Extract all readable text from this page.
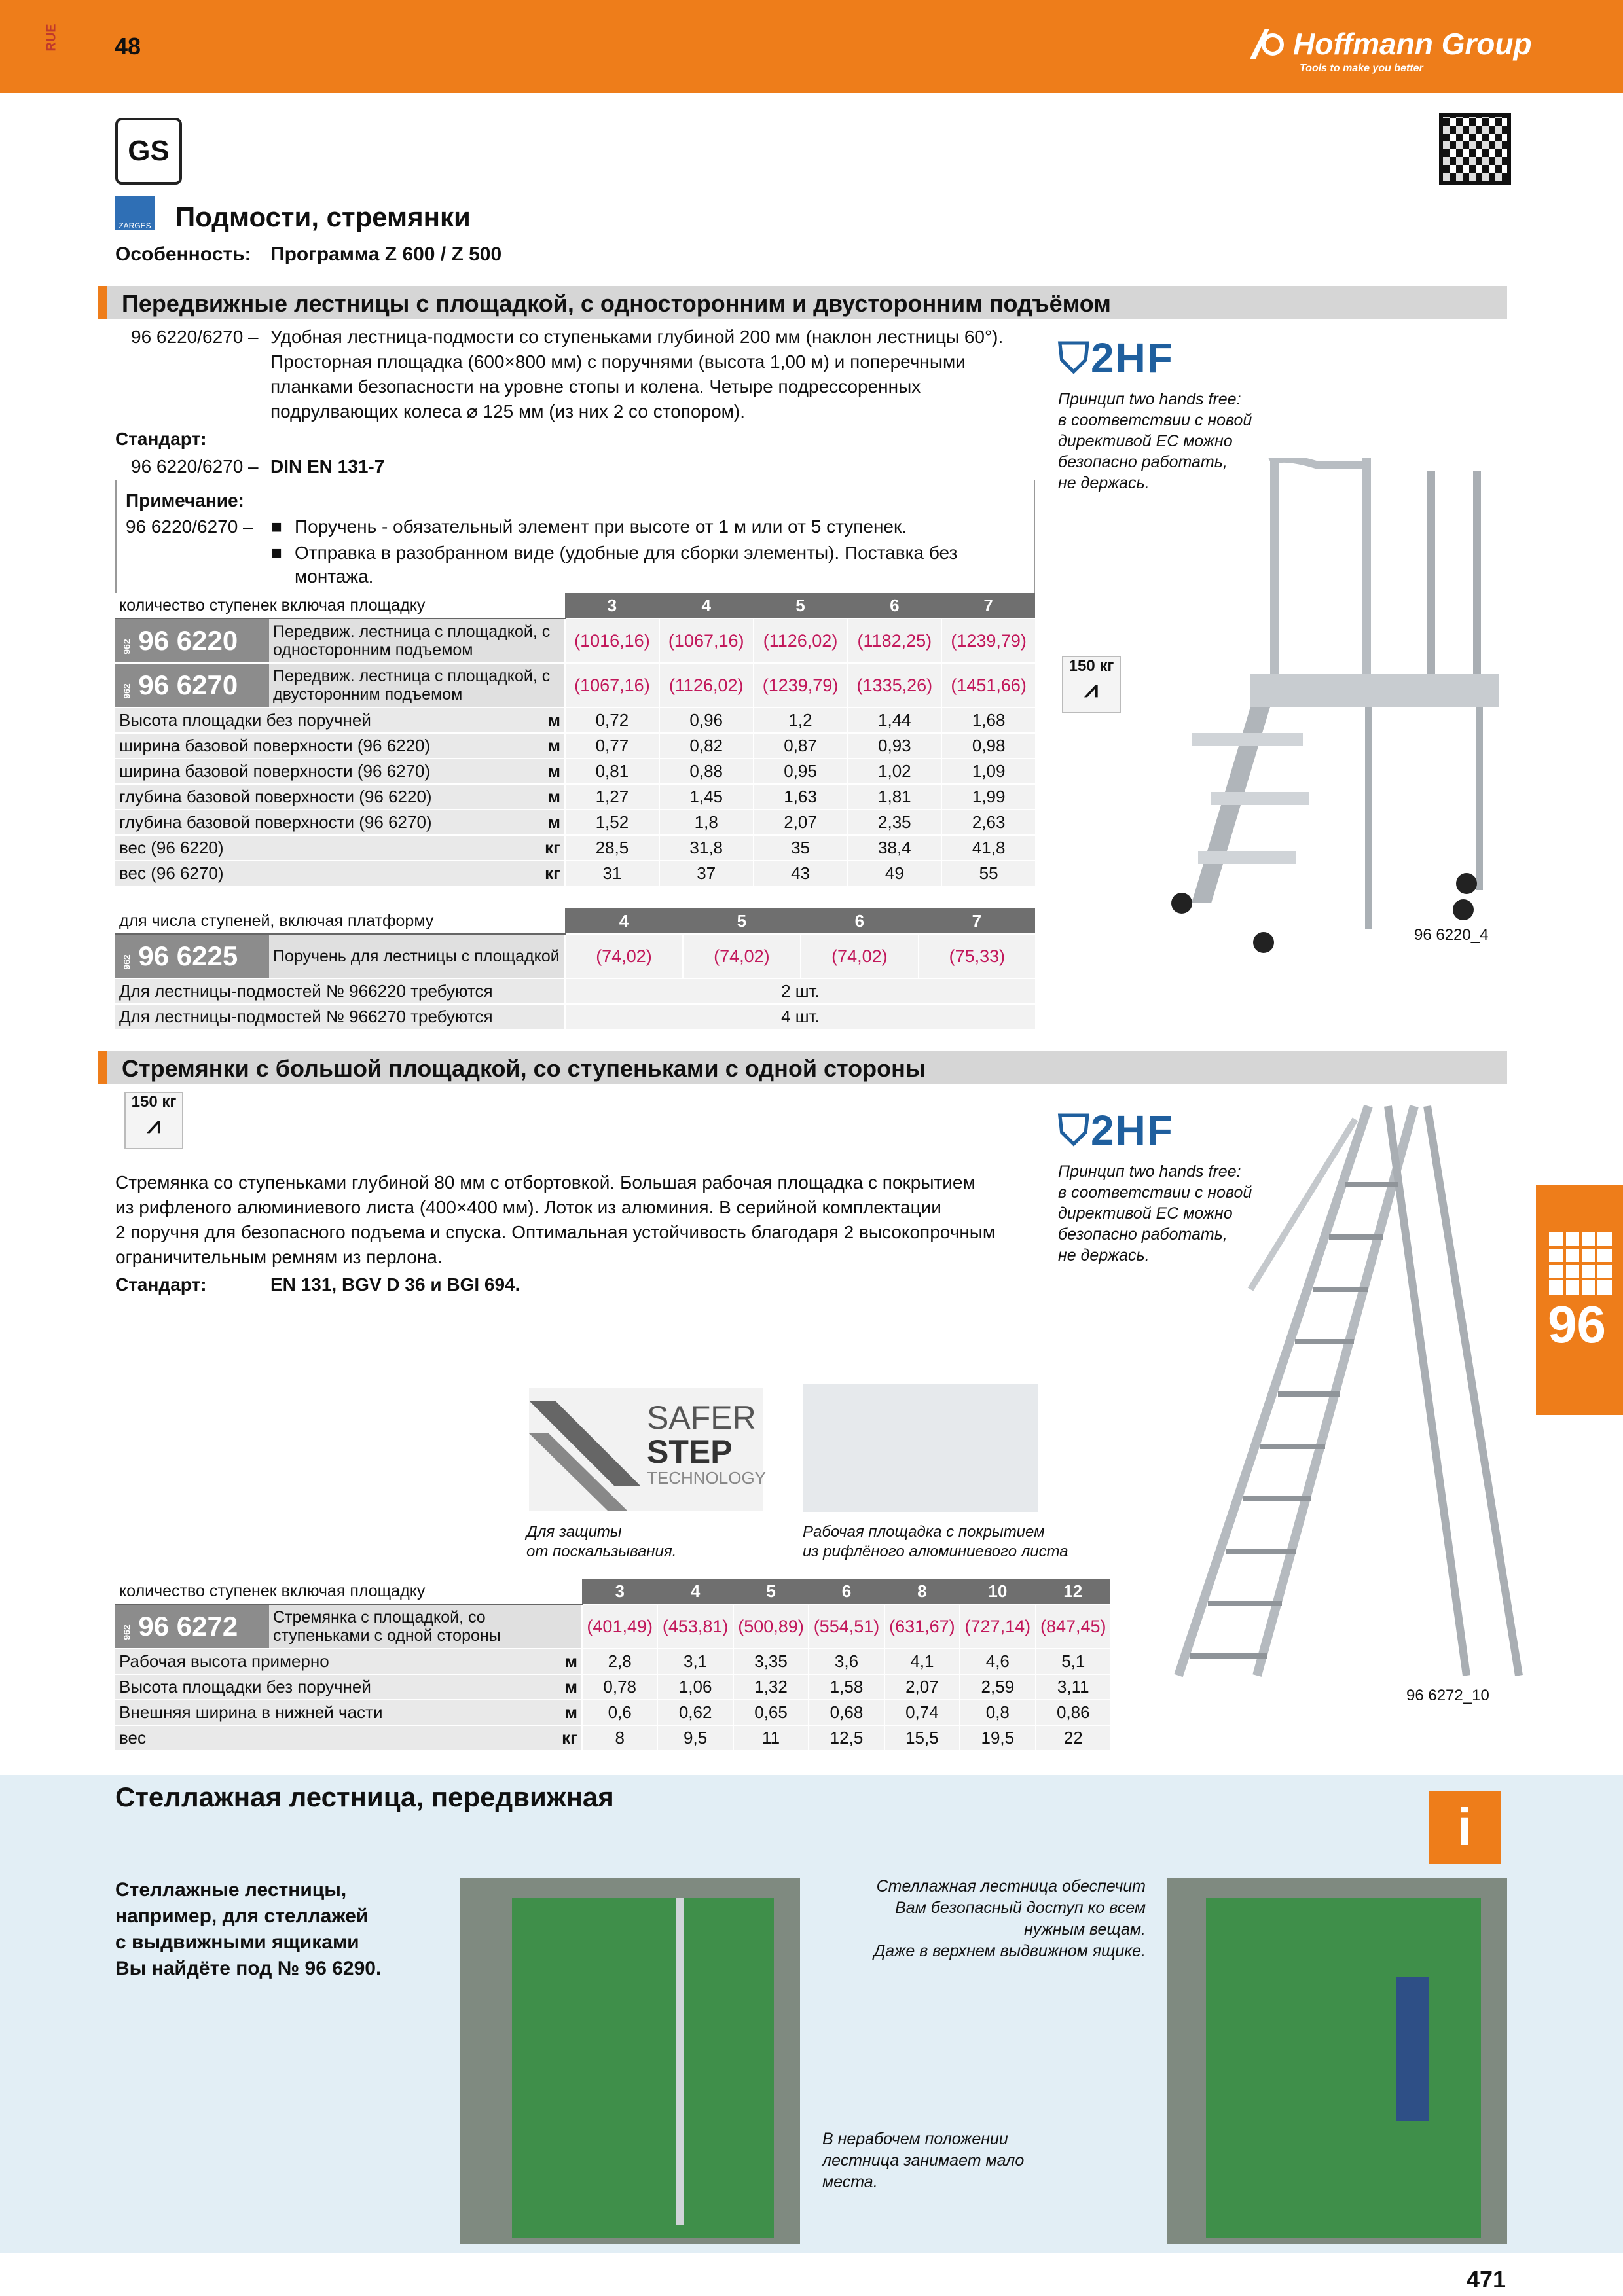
RUE 48	Hoffmann Group
Tools to make you better
GS
ZARGES Подмости, стремянки
Особенность: Программа Z 600 / Z 500
Передвижные лестницы с площадкой, с односторонним и двусторонним подъёмом
96 6220/6270 – Удобная лестница-подмости со ступеньками глубиной 200 мм (наклон лестницы 60°).
Просторная площадка (600×800 мм) с поручнями (высота 1,00 м) и поперечными
планками безопасности на уровне стопы и колена. Четыре подрессоренных
подрулвающих колеса ⌀ 125 мм (из них 2 со стопором).
Стандарт:
96 6220/6270 – DIN EN 131-7
Примечание:
96 6220/6270 – ■ Поручень - обязательный элемент при высоте от 1 м или от 5 ступенек.
■ Отправка в разобранном виде (удобные для сборки элементы). Поставка без
монтажа.
⛉2HF
Принцип two hands free:
в соответствии с новой
директивой ЕС можно
безопасно работать,
не держась.
150 кг
⩘
96 6220_4
количество ступенек включая площадку			3	4	5	6	7
962 96 6220	Передвиж. лестница с площадкой, с односторонним подъемом		(1016,16)	(1067,16)	(1126,02)	(1182,25)	(1239,79)
962 96 6270	Передвиж. лестница с площадкой, с двусторонним подъемом		(1067,16)	(1126,02)	(1239,79)	(1335,26)	(1451,66)
Высота площадки без поручней		м	0,72	0,96	1,2	1,44	1,68
ширина базовой поверхности (96 6220)		м	0,77	0,82	0,87	0,93	0,98
ширина базовой поверхности (96 6270)		м	0,81	0,88	0,95	1,02	1,09
глубина базовой поверхности (96 6220)		м	1,27	1,45	1,63	1,81	1,99
глубина базовой поверхности (96 6270)		м	1,52	1,8	2,07	2,35	2,63
вес (96 6220)		кг	28,5	31,8	35	38,4	41,8
вес (96 6270)		кг	31	37	43	49	55
для числа ступеней, включая платформу		4	5	6	7
962 96 6225	Поручень для лестницы с площадкой	(74,02)	(74,02)	(74,02)	(75,33)
Для лестницы-подмостей № 966220 требуются		2 шт.			
Для лестницы-подмостей № 966270 требуются		4 шт.			
Стремянки с большой площадкой, со ступеньками с одной стороны
150 кг
⩘
Стремянка со ступеньками глубиной 80 мм с отбортовкой. Большая рабочая площадка с покрытием
из рифленого алюминиевого листа (400×400 мм). Лоток из алюминия. В серийной комплектации
2 поручня для безопасного подъема и спуска. Оптимальная устойчивость благодаря 2 высокопрочным
ограничительным ремням из перлона.
Стандарт:	EN 131, BGV D 36 и BGI 694.
⛉2HF
Принцип two hands free:
в соответствии с новой
директивой ЕС можно
безопасно работать,
не держась.
SAFER
STEP
TECHNOLOGY
Для защиты
от поскальзывания.
Рабочая площадка с покрытием
из рифлёного алюминиевого листа
96 6272_10
количество ступенек включая площадку			3	4	5	6	8	10	12
962 96 6272	Стремянка с площадкой, со ступеньками с одной стороны		(401,49)	(453,81)	(500,89)	(554,51)	(631,67)	(727,14)	(847,45)
Рабочая высота примерно		м	2,8	3,1	3,35	3,6	4,1	4,6	5,1
Высота площадки без поручней		м	0,78	1,06	1,32	1,58	2,07	2,59	3,11
Внешняя ширина в нижней части		м	0,6	0,62	0,65	0,68	0,74	0,8	0,86
вес		кг	8	9,5	11	12,5	15,5	19,5	22
96
Стеллажная лестница, передвижная
i
Стеллажные лестницы,
например, для стеллажей
с выдвижными ящиками
Вы найдёте под № 96 6290.
Стеллажная лестница обеспечит
Вам безопасный доступ ко всем
нужным вещам.
Даже в верхнем выдвижном ящике.
В нерабочем положении
лестница занимает мало
места.
471
